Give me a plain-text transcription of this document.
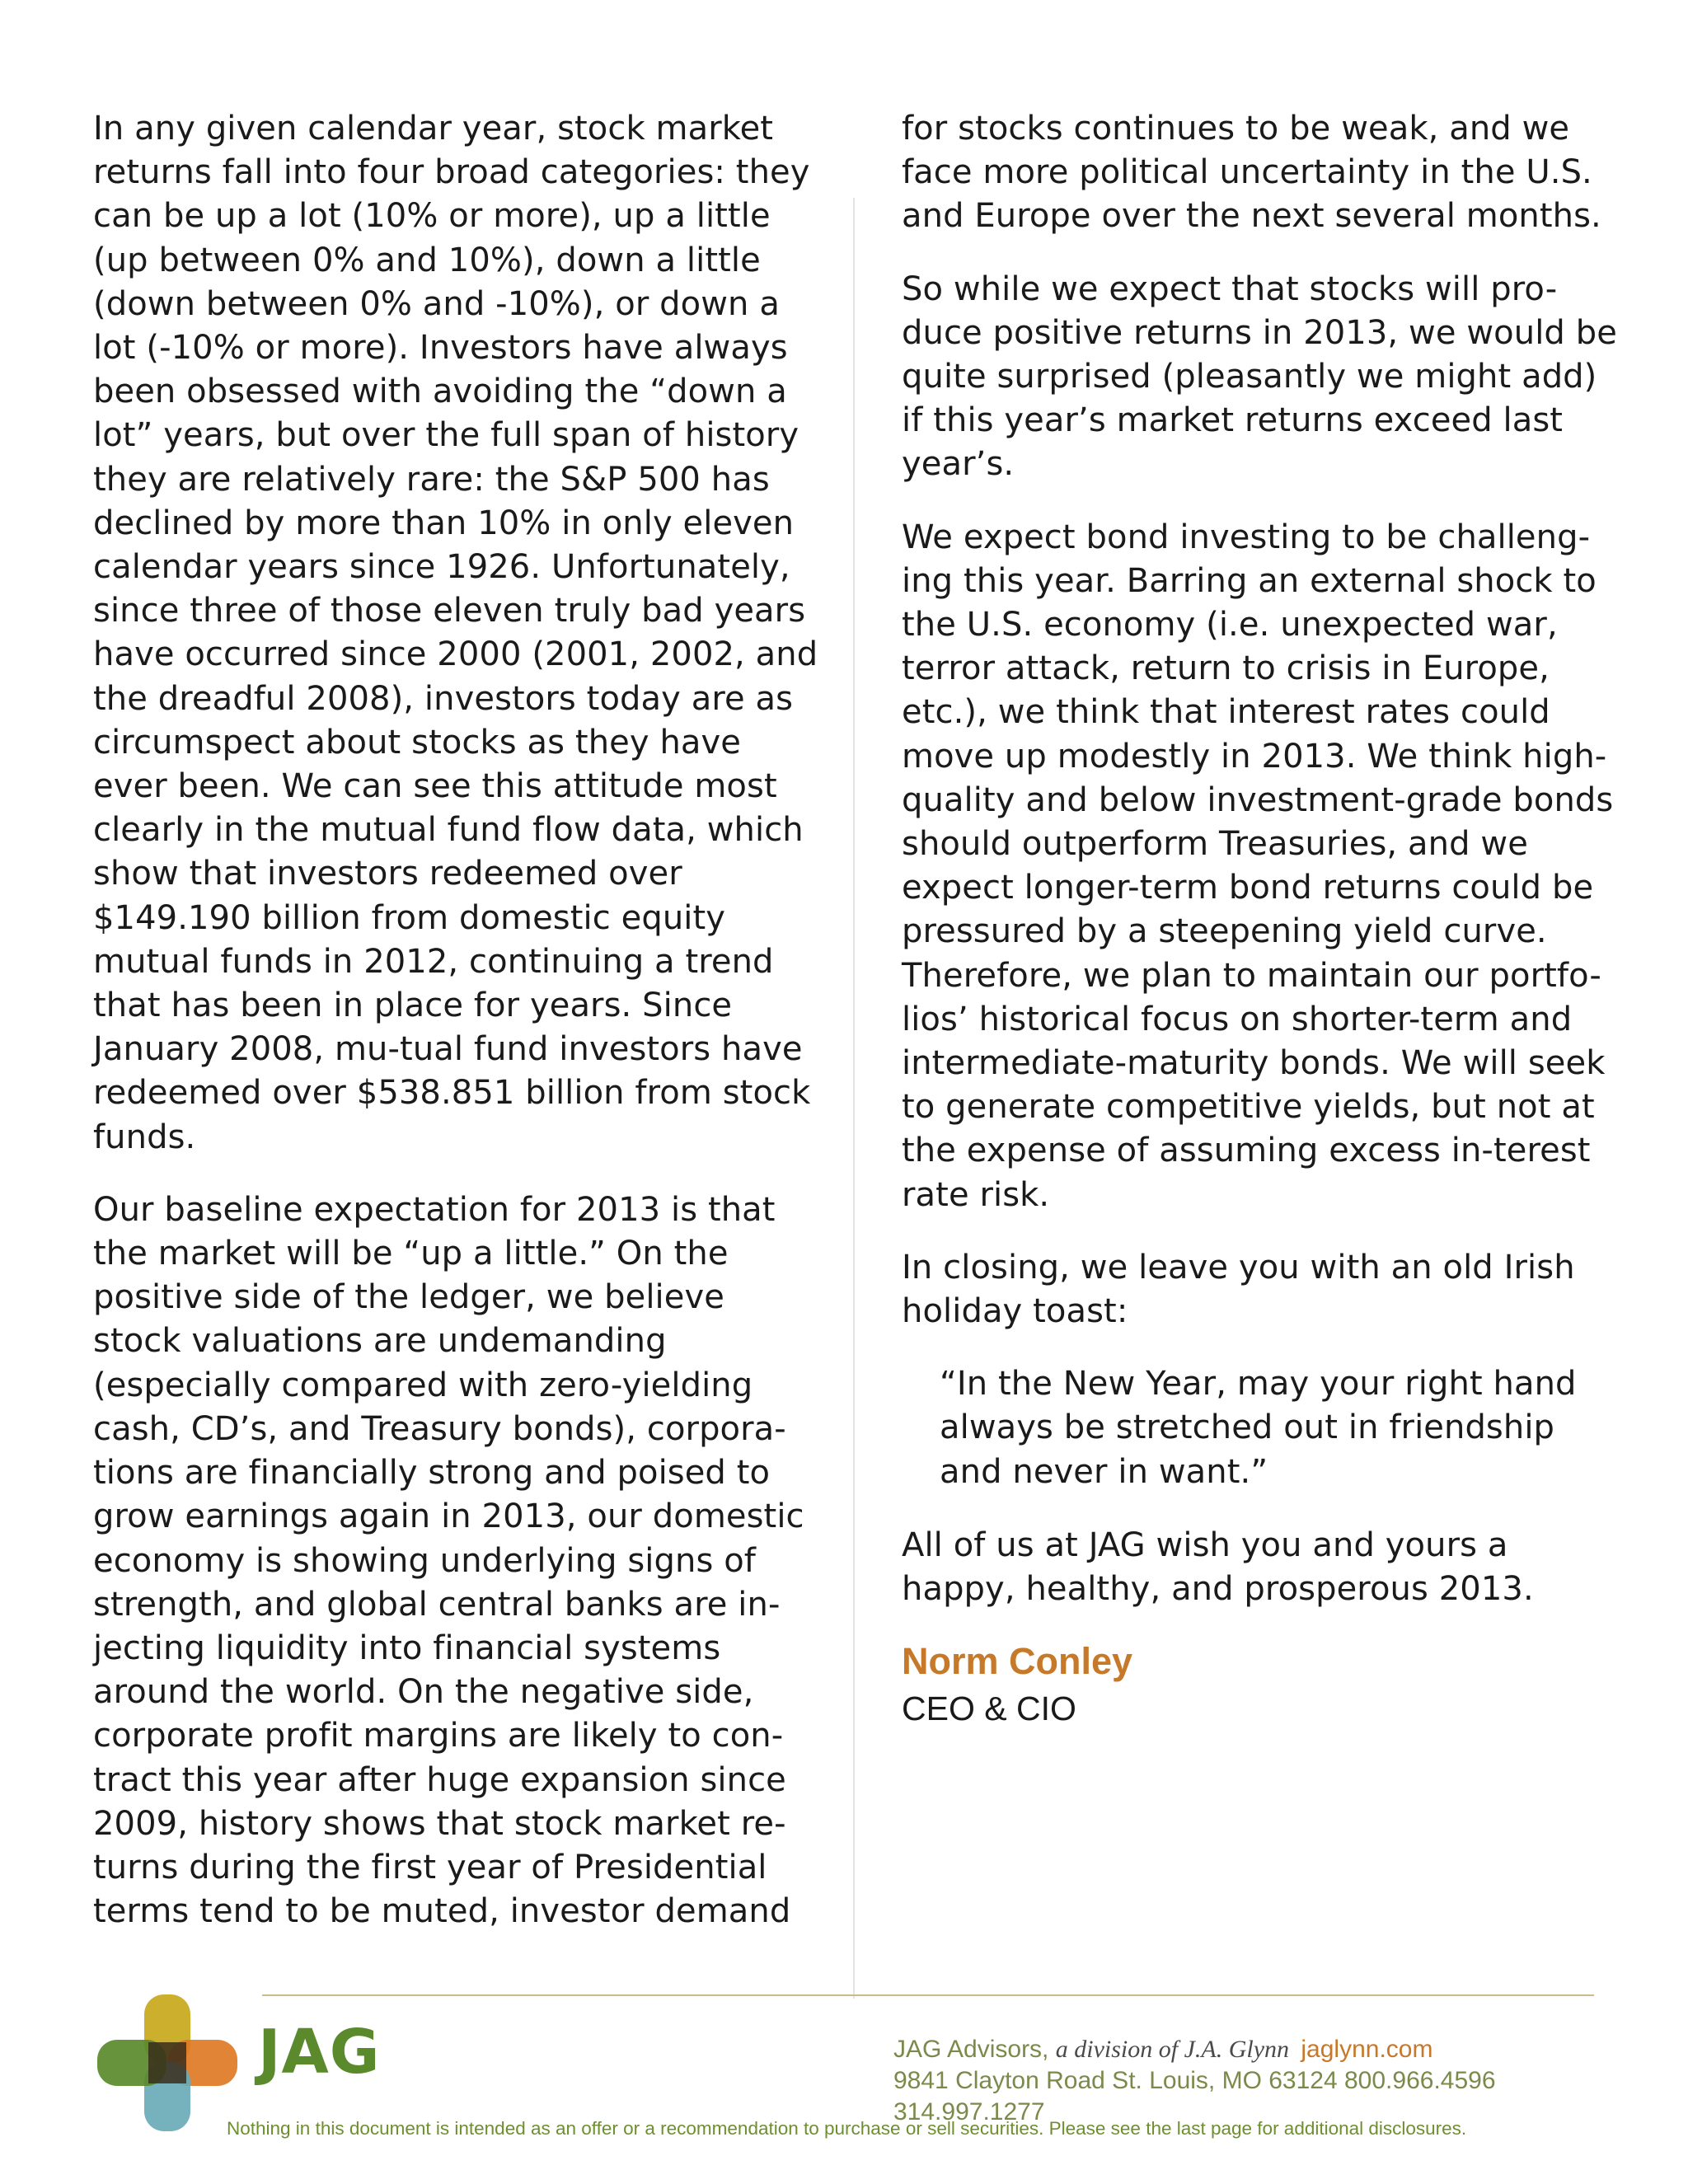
In any given calendar year, stock market returns fall into four broad categories: they can be up a lot (10% or more), up a little (up between 0% and 10%), down a little (down between 0% and -10%), or down a lot (-10% or more). Investors have always been obsessed with avoiding the “down a lot” years, but over the full span of history they are relatively rare: the S&P 500 has declined by more than 10% in only eleven calendar years since 1926. Unfortunately, since three of those eleven truly bad years have occurred since 2000 (2001, 2002, and the dreadful 2008), investors today are as circumspect about stocks as they have ever been. We can see this attitude most clearly in the mutual fund flow data, which show that investors redeemed over $149.190 billion from domestic equity mutual funds in 2012, continuing a trend that has been in place for years. Since January 2008, mu-tual fund investors have redeemed over $538.851 billion from stock funds.

Our baseline expectation for 2013 is that the market will be “up a little.” On the positive side of the ledger, we believe stock valuations are undemanding (especially compared with zero-yielding cash, CD’s, and Treasury bonds), corpora-tions are financially strong and poised to grow earnings again in 2013, our domestic economy is showing underlying signs of strength, and global central banks are in-jecting liquidity into financial systems around the world. On the negative side, corporate profit margins are likely to con-tract this year after huge expansion since 2009, history shows that stock market re-turns during the first year of Presidential terms tend to be muted, investor demand

for stocks continues to be weak, and we face more political uncertainty in the U.S. and Europe over the next several months.

So while we expect that stocks will pro-duce positive returns in 2013, we would be quite surprised (pleasantly we might add) if this year’s market returns exceed last year’s.

We expect bond investing to be challeng-ing this year. Barring an external shock to the U.S. economy (i.e. unexpected war, terror attack, return to crisis in Europe, etc.), we think that interest rates could move up modestly in 2013. We think high-quality and below investment-grade bonds should outperform Treasuries, and we expect longer-term bond returns could be pressured by a steepening yield curve. Therefore, we plan to maintain our portfo-lios’ historical focus on shorter-term and intermediate-maturity bonds. We will seek to generate competitive yields, but not at the expense of assuming excess in-terest rate risk.

In closing, we leave you with an old Irish holiday toast:

“In the New Year, may your right hand always be stretched out in friendship and never in want.”

All of us at JAG wish you and yours a happy, healthy, and prosperous 2013.

Norm Conley
CEO & CIO
JAG	JAG Advisors, a division of J.A. Glynn jaglynn.com
9841 Clayton Road St. Louis, MO 63124 800.966.4596 314.997.1277
Nothing in this document is intended as an offer or a recommendation to purchase or sell securities. Please see the last page for additional disclosures.
